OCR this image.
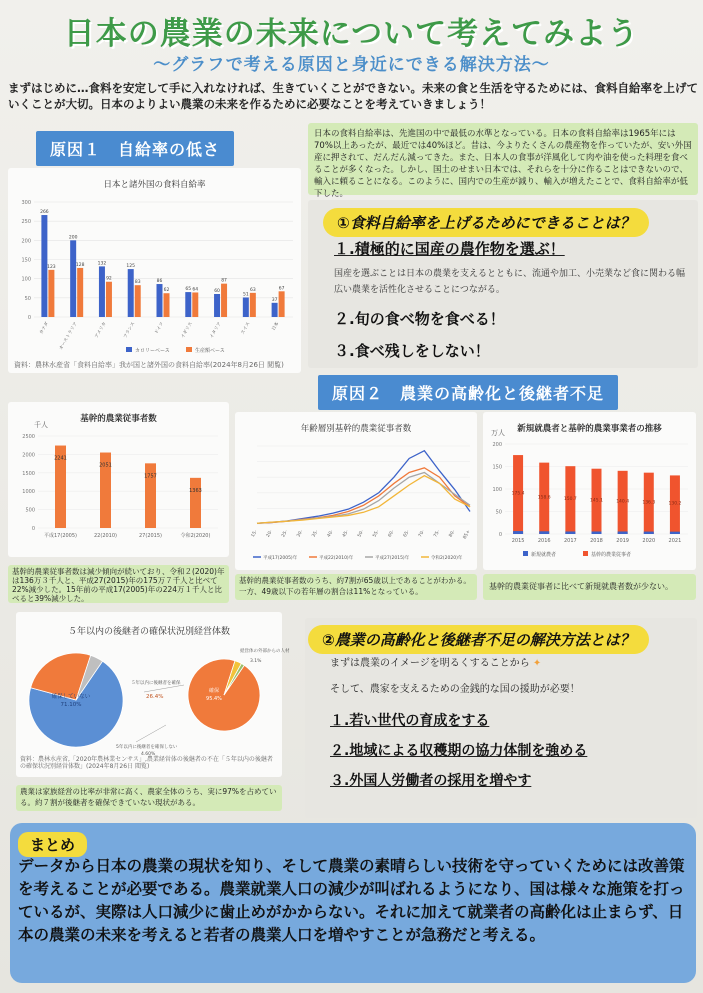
日本の農業の未来について考えてみよう
〜グラフで考える原因と身近にできる解決方法〜
まずはじめに…食料を安定して手に入れなければ、生きていくことができない。未来の食と生活を守るためには、食料自給率を上げていくことが大切。日本のよりよい農業の未来を作るために必要なことを考えていきましょう！
原因１　自給率の低さ
日本と諸外国の食料自給率
0
50
100
150
200
250
300
266
123
カナダ
200
128
オーストラリア
132
92
アメリカ
125
83
フランス
86
62
ドイツ
65 64
イギリス
60
87
イタリア
51
63
スイス
37
67
日本
カロリーベース	生産額ベース
資料：農林水産省「食料自給率」我が国と諸外国の食料自給率(2024年8月26日 閲覧)
日本の食料自給率は、先進国の中で最低の水準となっている。日本の食料自給率は1965年には70%以上あったが、最近では40%ほど。昔は、今よりたくさんの農産物を作っていたが、安い外国産に押されて、だんだん減ってきた。また、日本人の食事が洋風化して肉や油を使った料理を食べることが多くなった。しかし、国土のせまい日本では、それらを十分に作ることはできないので、輸入に頼ることになる。このように、国内での生産が減り、輸入が増えたことで、食料自給率が低下した。
①食料自給率を上げるためにできることは？
１.積極的に国産の農作物を選ぶ！
国産を選ぶことは日本の農業を支えるとともに、流通や加工、小売業など食に関わる幅広い農業を活性化させることにつながる。
２.旬の食べ物を食べる！
３.食べ残しをしない！
原因２　農業の高齢化と後継者不足
基幹的農業従事者数
千人
0
500
1000
1500
2000
2500
2241
平成17(2005)
2051
22(2010)
1757
27(2015)
1363
令和2(2020)
基幹的農業従事者数は減少傾向が続いており、令和２(2020)年は136万３千人と、平成27(2015)年の175万７千人と比べて22%減少した。15年前の平成17(2005)年の224万１千人と比べると39%減少した。
年齢層別基幹的農業従事者数
15- 20- 25- 30- 35- 40- 45- 50- 55- 60- 65- 70- 75- 80- 85+
平成17(2005)年	平成22(2010)年	平成27(2015)年	令和2(2020)年
基幹的農業従事者数のうち、約7割が65歳以上であることがわかる。一方、49歳以下の若年層の割合は11%となっている。
新規就農者と基幹的農業事業者の推移
万人
0
50
100
150
200
175.4
2015
158.6
2016
150.7
2017
145.1
2018
140.4
2019
136.3
2020
130.2
2021
新規就農者	基幹的農業従事者
基幹的農業従事者に比べて新規就農者数が少ない。
５年以内の後継者の確保状況別経営体数
確保していない
71.10%
５年以内に後継者を確保
26.4%
5年以内に後継者を確保しない
4.60%
確保
95.4%
経営体の外部からの人材
3.1%
資料：農林水産省,「2020年農林業センサス」,農業経営体の後継者の不在「５年以内の後継者の確保状況別経営体数」(2024年8月26日 閲覧)
農業は家族経営の比率が非常に高く、農家全体のうち、実に97%を占めている。約７割が後継者を確保できていない現状がある。
②農業の高齢化と後継者不足の解決方法とは？
まずは農業のイメージを明るくすることから ✦
そして、農家を支えるための金銭的な国の援助が必要！
１.若い世代の育成をする
２.地域による収穫期の協力体制を強める
３.外国人労働者の採用を増やす
まとめ
データから日本の農業の現状を知り、そして農業の素晴らしい技術を守っていくためには改善策を考えることが必要である。農業就業人口の減少が叫ばれるようになり、国は様々な施策を打っているが、実際は人口減少に歯止めがかからない。それに加えて就業者の高齢化は止まらず、日本の農業の未来を考えると若者の農業人口を増やすことが急務だと考える。
